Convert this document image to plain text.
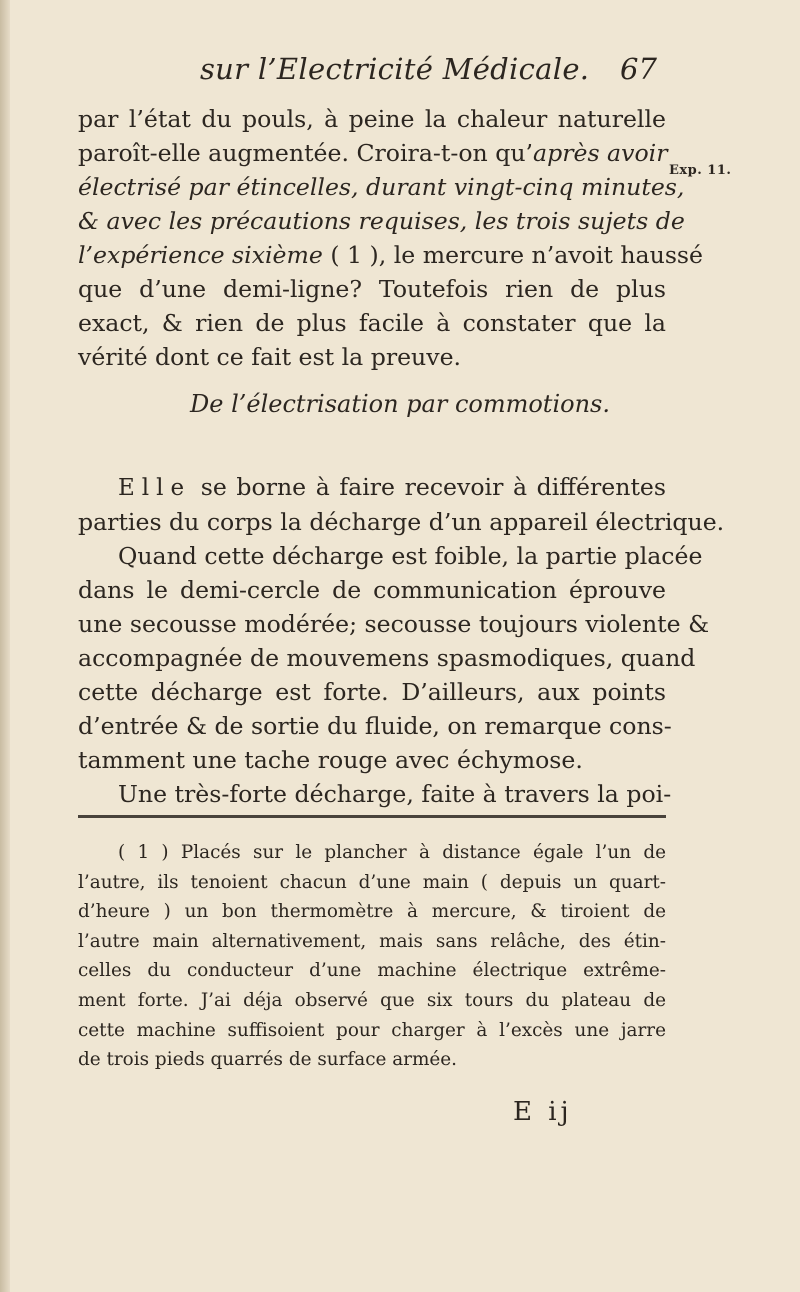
sur l’Electricité Médicale. 67
Exp. 11.
par l’état du pouls, à peine la chaleur naturelle
paroît-elle augmentée. Croira-t-on qu’après avoir
électrisé par étincelles, durant vingt-cinq minutes,
& avec les précautions requises, les trois sujets de
l’expérience sixième ( 1 ), le mercure n’avoit haussé
que d’une demi-ligne? Toutefois rien de plus
exact, & rien de plus facile à constater que la
vérité dont ce fait est la preuve.
De l’électrisation par commotions.
Elle se borne à faire recevoir à différentes
parties du corps la décharge d’un appareil électrique.
Quand cette décharge est foible, la partie placée
dans le demi-cercle de communication éprouve
une secousse modérée; secousse toujours violente &
accompagnée de mouvemens spasmodiques, quand
cette décharge est forte. D’ailleurs, aux points
d’entrée & de sortie du fluide, on remarque cons-
tamment une tache rouge avec échymose.
Une très-forte décharge, faite à travers la poi-
( 1 ) Placés sur le plancher à distance égale l’un de
l’autre, ils tenoient chacun d’une main ( depuis un quart-
d’heure ) un bon thermomètre à mercure, & tiroient de
l’autre main alternativement, mais sans relâche, des étin-
celles du conducteur d’une machine électrique extrême-
ment forte. J’ai déja observé que six tours du plateau de
cette machine suffisoient pour charger à l’excès une jarre
de trois pieds quarrés de surface armée.
E ij
